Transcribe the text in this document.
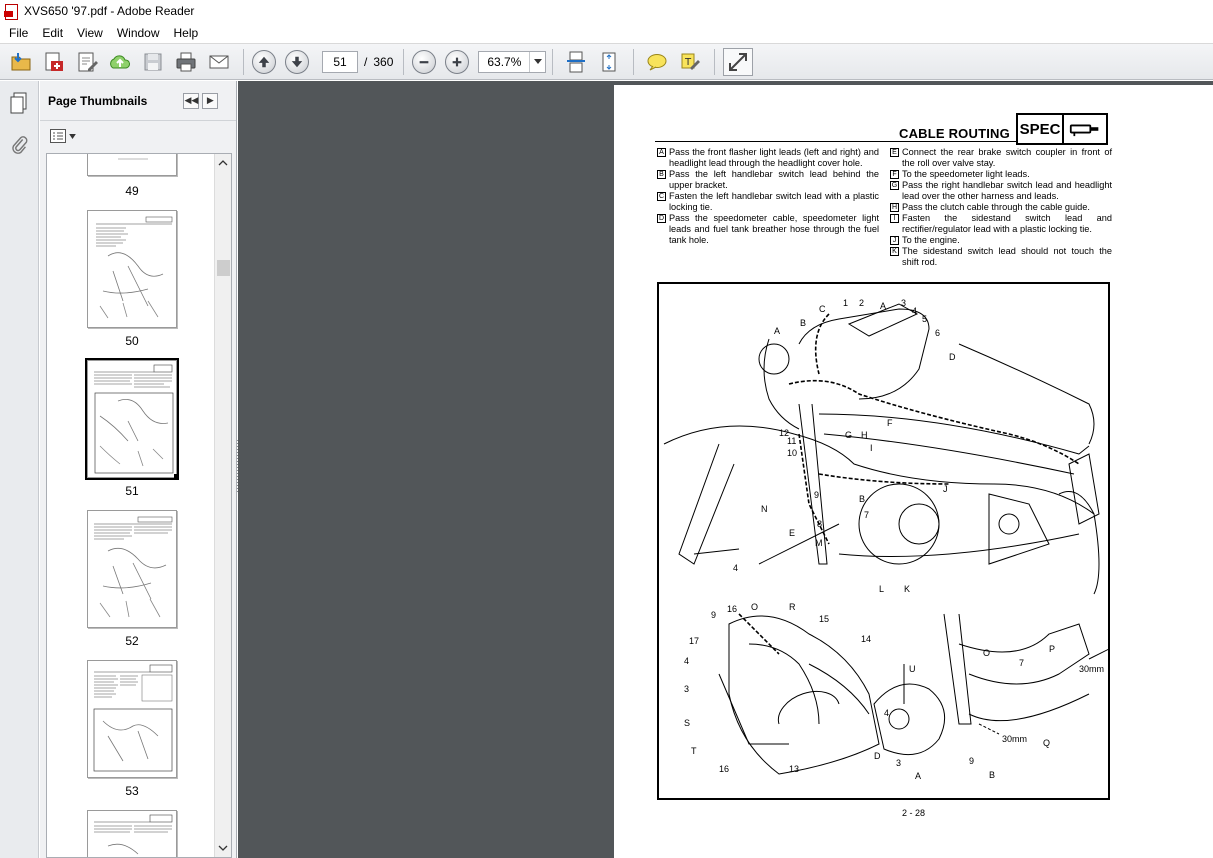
XVS650 '97.pdf - Adobe Reader
File	Edit	View	Window	Help
51	/ 360	63.7%	T
Page Thumbnails	◀◀ ▶
49
50
51
52
53
CABLE ROUTING SPEC
A Pass the front flasher light leads (left and right) and headlight lead through the headlight cover hole.
B Pass the left handlebar switch lead behind the upper bracket.
C Fasten the left handlebar switch lead with a plastic locking tie.
D Pass the speedometer cable, speedometer light leads and fuel tank breather hose through the fuel tank hole.
E Connect the rear brake switch coupler in front of the roll over valve stay.
F To the speedometer light leads.
G Pass the right handlebar switch lead and headlight lead over the other harness and leads.
H Pass the clutch cable through the cable guide.
I Fasten the sidestand switch lead and rectifier/regulator lead with a plastic locking tie.
J To the engine.
K The sidestand switch lead should not touch the shift rod.
C
1 2 A 3
4
5
6
A
B
D
F
G H
I
12
11
10
9	B
7
8
J
N
E
M
4
L K
9
16 O	R
15
17
4
14
3
S
T
16	13
U
4
D
3
A
O
7
P
30mm
Q
30mm
9
B
2 - 28
